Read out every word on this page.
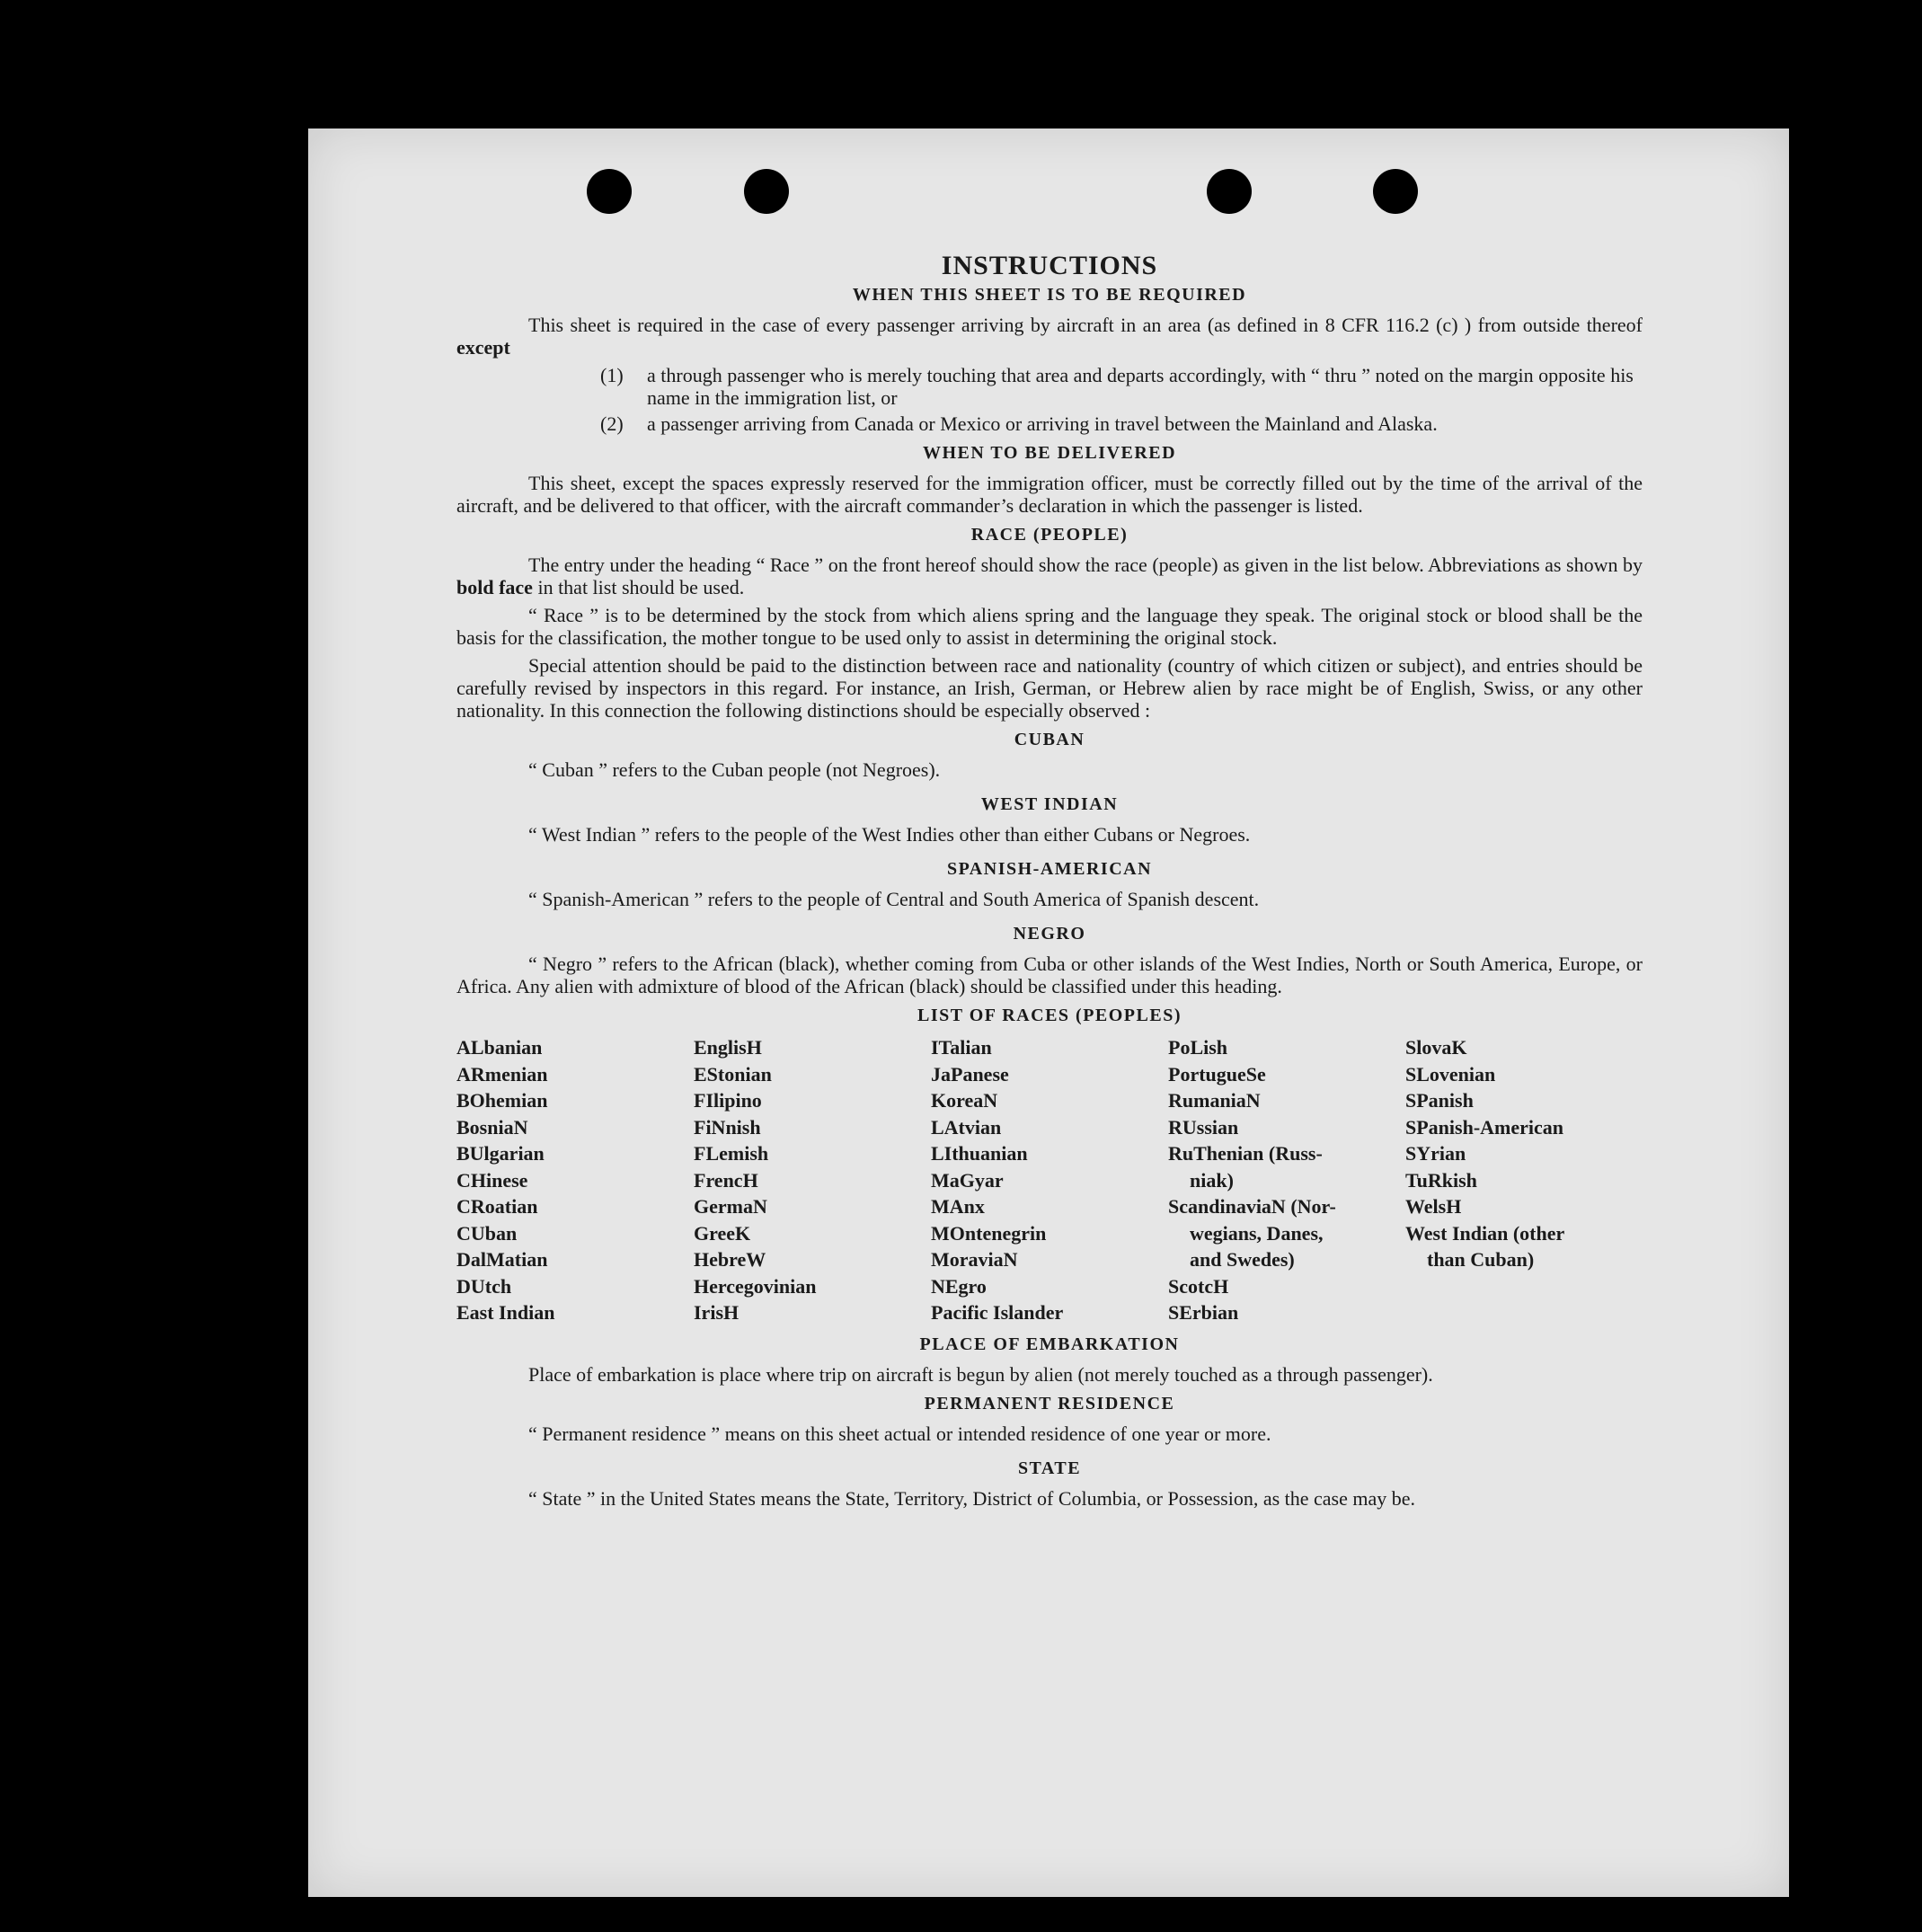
INSTRUCTIONS
WHEN THIS SHEET IS TO BE REQUIRED

This sheet is required in the case of every passenger arriving by aircraft in an area (as defined in 8 CFR 116.2 (c) ) from outside thereof except

(1)	a through passenger who is merely touching that area and departs accordingly, with “ thru ” noted on the margin opposite his name in the immigration list, or
(2)	a passenger arriving from Canada or Mexico or arriving in travel between the Mainland and Alaska.
WHEN TO BE DELIVERED

This sheet, except the spaces expressly reserved for the immigration officer, must be correctly filled out by the time of the arrival of the aircraft, and be delivered to that officer, with the aircraft commander’s declaration in which the passenger is listed.

RACE (PEOPLE)

The entry under the heading “ Race ” on the front hereof should show the race (people) as given in the list below. Abbreviations as shown by bold face in that list should be used.

“ Race ” is to be determined by the stock from which aliens spring and the language they speak. The original stock or blood shall be the basis for the classification, the mother tongue to be used only to assist in determining the original stock.

Special attention should be paid to the distinction between race and nationality (country of which citizen or subject), and entries should be carefully revised by inspectors in this regard. For instance, an Irish, German, or Hebrew alien by race might be of English, Swiss, or any other nationality. In this connection the following distinctions should be especially observed :

CUBAN

“ Cuban ” refers to the Cuban people (not Negroes).

WEST INDIAN

“ West Indian ” refers to the people of the West Indies other than either Cubans or Negroes.

SPANISH-AMERICAN

“ Spanish-American ” refers to the people of Central and South America of Spanish descent.

NEGRO

“ Negro ” refers to the African (black), whether coming from Cuba or other islands of the West Indies, North or South America, Europe, or Africa. Any alien with admixture of blood of the African (black) should be classified under this heading.

LIST OF RACES (PEOPLES)
ALbanian
ARmenian
BOhemian
BosniaN
BUlgarian
CHinese
CRoatian
CUban
DalMatian
DUtch
East Indian
EnglisH
EStonian
FIlipino
FiNnish
FLemish
FrencH
GermaN
GreeK
HebreW
Hercegovinian
IrisH
ITalian
JaPanese
KoreaN
LAtvian
LIthuanian
MaGyar
MAnx
MOntenegrin
MoraviaN
NEgro
Pacific Islander
PoLish
PortugueSe
RumaniaN
RUssian
RuThenian (Russ-
niak)
ScandinaviaN (Nor-
wegians, Danes,
and Swedes)
ScotcH
SErbian
SlovaK
SLovenian
SPanish
SPanish-American
SYrian
TuRkish
WelsH
West Indian (other
than Cuban)
PLACE OF EMBARKATION

Place of embarkation is place where trip on aircraft is begun by alien (not merely touched as a through passenger).

PERMANENT RESIDENCE

“ Permanent residence ” means on this sheet actual or intended residence of one year or more.

STATE

“ State ” in the United States means the State, Territory, District of Columbia, or Possession, as the case may be.
